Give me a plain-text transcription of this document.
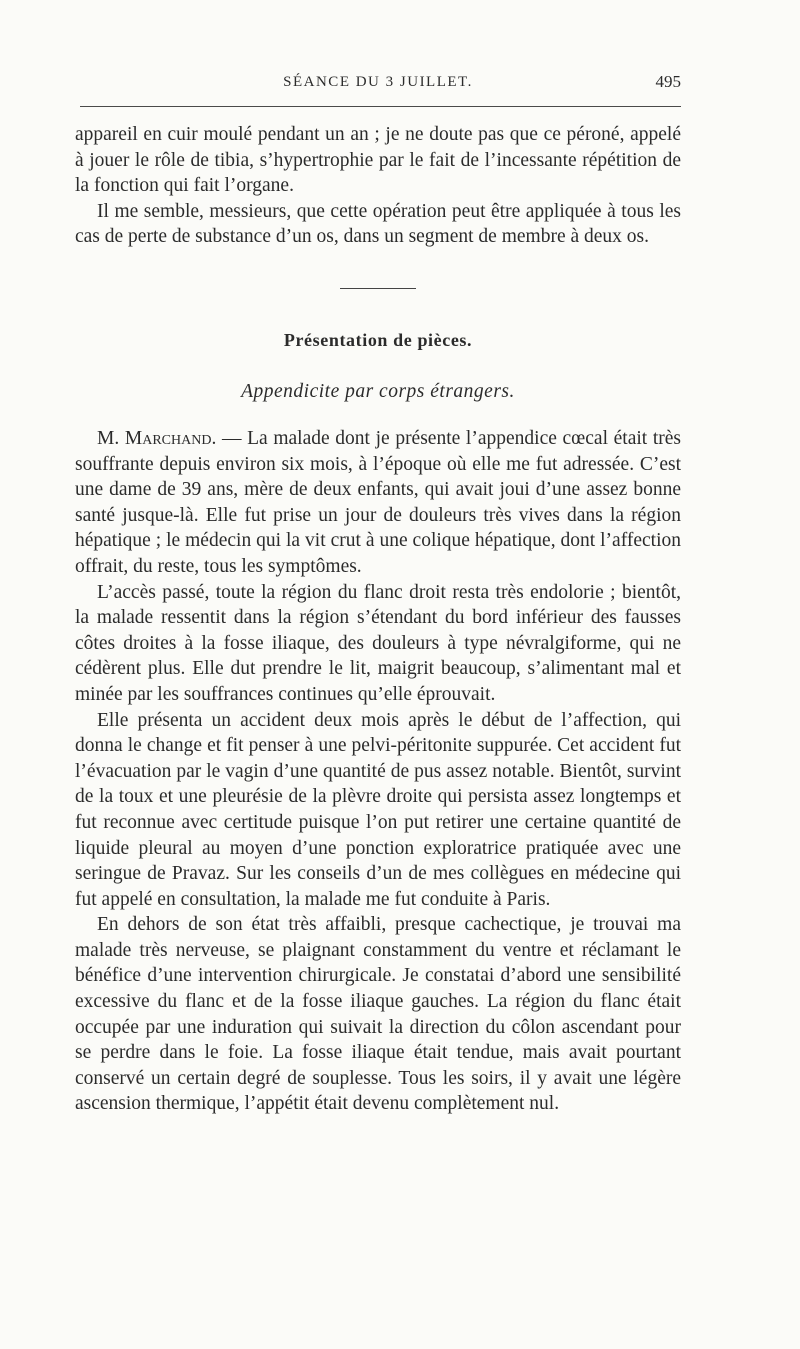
SÉANCE DU 3 JUILLET.	495

appareil en cuir moulé pendant un an ; je ne doute pas que ce péroné, appelé à jouer le rôle de tibia, s’hypertrophie par le fait de l’incessante répétition de la fonction qui fait l’organe.

Il me semble, messieurs, que cette opération peut être appliquée à tous les cas de perte de substance d’un os, dans un segment de membre à deux os.

Présentation de pièces.
Appendicite par corps étrangers.

M. Marchand. — La malade dont je présente l’appendice cœcal était très souffrante depuis environ six mois, à l’époque où elle me fut adressée. C’est une dame de 39 ans, mère de deux enfants, qui avait joui d’une assez bonne santé jusque-là. Elle fut prise un jour de douleurs très vives dans la région hépatique ; le médecin qui la vit crut à une colique hépatique, dont l’affection offrait, du reste, tous les symptômes.

L’accès passé, toute la région du flanc droit resta très endolorie ; bientôt, la malade ressentit dans la région s’étendant du bord inférieur des fausses côtes droites à la fosse iliaque, des douleurs à type névralgiforme, qui ne cédèrent plus. Elle dut prendre le lit, maigrit beaucoup, s’alimentant mal et minée par les souffrances continues qu’elle éprouvait.

Elle présenta un accident deux mois après le début de l’affection, qui donna le change et fit penser à une pelvi-péritonite suppurée. Cet accident fut l’évacuation par le vagin d’une quantité de pus assez notable. Bientôt, survint de la toux et une pleurésie de la plèvre droite qui persista assez longtemps et fut reconnue avec certitude puisque l’on put retirer une certaine quantité de liquide pleural au moyen d’une ponction exploratrice pratiquée avec une seringue de Pravaz. Sur les conseils d’un de mes collègues en médecine qui fut appelé en consultation, la malade me fut conduite à Paris.

En dehors de son état très affaibli, presque cachectique, je trouvai ma malade très nerveuse, se plaignant constamment du ventre et réclamant le bénéfice d’une intervention chirurgicale. Je constatai d’abord une sensibilité excessive du flanc et de la fosse iliaque gauches. La région du flanc était occupée par une induration qui suivait la direction du côlon ascendant pour se perdre dans le foie. La fosse iliaque était tendue, mais avait pourtant conservé un certain degré de souplesse. Tous les soirs, il y avait une légère ascension thermique, l’appétit était devenu complètement nul.
